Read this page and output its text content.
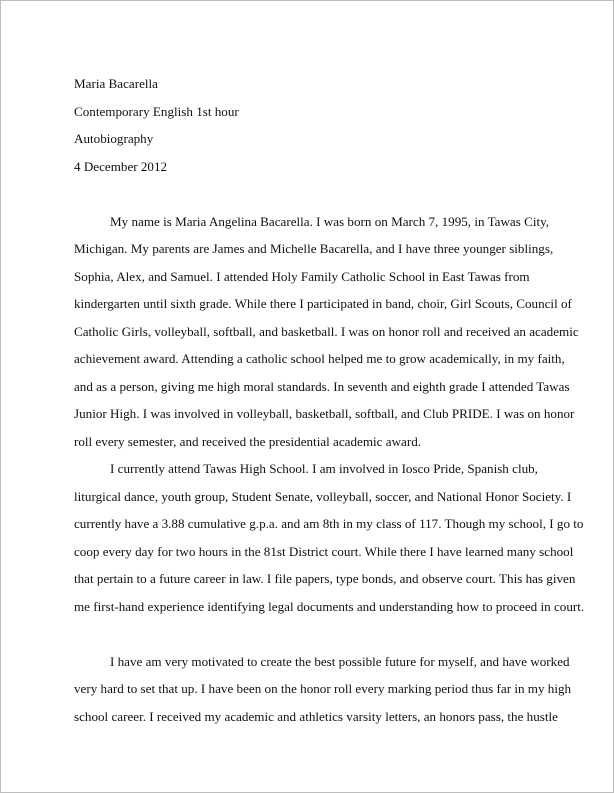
Maria Bacarella
Contemporary English 1st hour
Autobiography
4 December 2012
My name is Maria Angelina Bacarella. I was born on March 7, 1995, in Tawas City,
Michigan. My parents are James and Michelle Bacarella, and I have three younger siblings,
Sophia, Alex, and Samuel. I attended Holy Family Catholic School in East Tawas from
kindergarten until sixth grade. While there I participated in band, choir, Girl Scouts, Council of
Catholic Girls, volleyball, softball, and basketball. I was on honor roll and received an academic
achievement award. Attending a catholic school helped me to grow academically, in my faith,
and as a person, giving me high moral standards. In seventh and eighth grade I attended Tawas
Junior High. I was involved in volleyball, basketball, softball, and Club PRIDE. I was on honor
roll every semester, and received the presidential academic award.
I currently attend Tawas High School. I am involved in Iosco Pride, Spanish club,
liturgical dance, youth group, Student Senate, volleyball, soccer, and National Honor Society. I
currently have a 3.88 cumulative g.p.a. and am 8th in my class of 117. Though my school, I go to
coop every day for two hours in the 81st District court. While there I have learned many school
that pertain to a future career in law. I file papers, type bonds, and observe court. This has given
me first-hand experience identifying legal documents and understanding how to proceed in court.
I have am very motivated to create the best possible future for myself, and have worked
very hard to set that up. I have been on the honor roll every marking period thus far in my high
school career. I received my academic and athletics varsity letters, an honors pass, the hustle
